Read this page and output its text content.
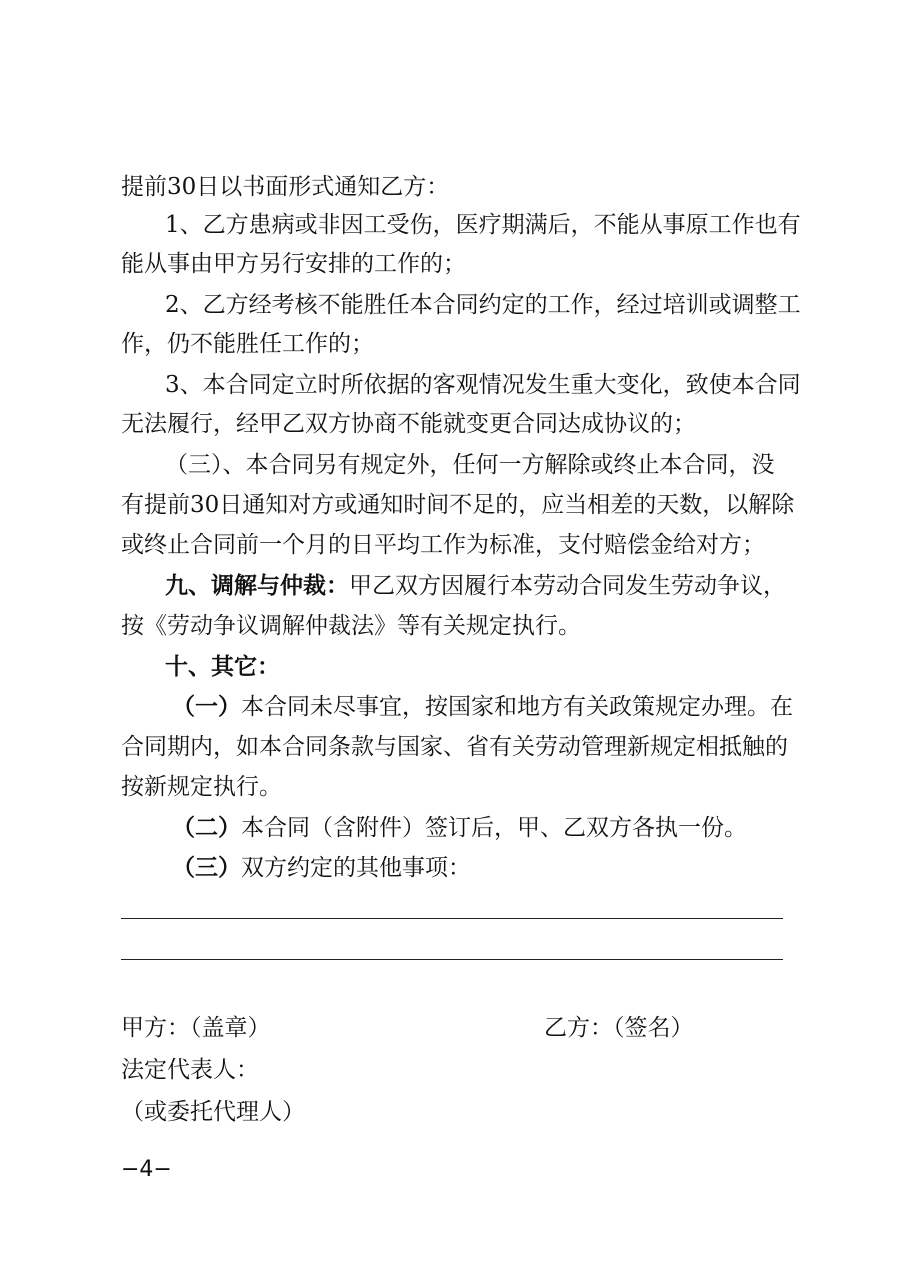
提前30日以书面形式通知乙方：
1、乙方患病或非因工受伤，医疗期满后，不能从事原工作也有
能从事由甲方另行安排的工作的；
2、乙方经考核不能胜任本合同约定的工作，经过培训或调整工
作，仍不能胜任工作的；
3、本合同定立时所依据的客观情况发生重大变化，致使本合同
无法履行，经甲乙双方协商不能就变更合同达成协议的；
（三）、本合同另有规定外，任何一方解除或终止本合同，没
有提前30日通知对方或通知时间不足的，应当相差的天数，以解除
或终止合同前一个月的日平均工作为标准，支付赔偿金给对方；
九、调解与仲裁：甲乙双方因履行本劳动合同发生劳动争议，
按《劳动争议调解仲裁法》等有关规定执行。
十、其它：
（一）本合同未尽事宜，按国家和地方有关政策规定办理。在
合同期内，如本合同条款与国家、省有关劳动管理新规定相抵触的
按新规定执行。
（二）本合同（含附件）签订后，甲、乙双方各执一份。
（三）双方约定的其他事项：
甲方：（盖章）	乙方：（签名）
法定代表人：
（或委托代理人）
−4−
